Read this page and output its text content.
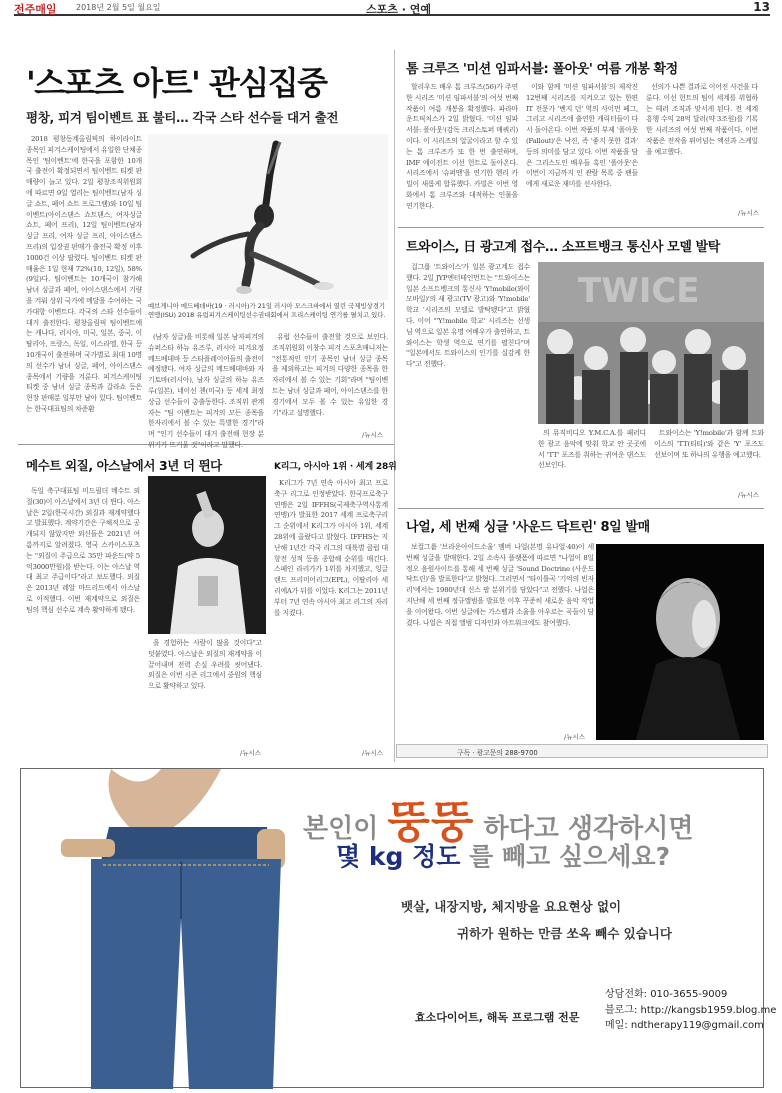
전주매일 2018년 2월 5일 월요일	스포츠 · 연예	13
'스포츠 아트' 관심집중
평창, 피겨 팀이벤트 표 불티… 각국 스타 선수들 대거 출전

2018 평창동계올림픽의 하이라이트 종목인 피겨스케이팅에서 유일한 단체종목인 '팀이벤트'에 한국을 포함한 10개국 출전이 확정되면서 팀이벤트 티켓 판매량이 늘고 있다. 2일 평창조직위원회에 따르면 9일 열리는 팀이벤트(남자 싱글 쇼트, 페어 쇼트 프로그램)와 10일 팀이벤트(아이스댄스 쇼트댄스, 여자싱글 쇼트, 페어 프리), 12일 팀이벤트(남자 싱글 프리, 여자 싱글 프리, 아이스댄스 프리)의 입장권 판매가 출전국 확정 이후 1000건 이상 팔렸다. 팀이벤트 티켓 판매율은 1일 현재 72%(10, 12일), 58%(9일)다. 팀이벤트는 10개국이 참가해 남녀 싱글과 페어, 아이스댄스에서 기량을 겨뤄 상위 국가에 메달을 수여하는 국가대항 이벤트다. 각국의 스타 선수들이 대거 출전한다. 평창올림픽 팀이벤트에는 캐나다, 러시아, 미국, 일본, 중국, 이탈리아, 프랑스, 독일, 이스라엘, 한국 등 10개국이 출전하며 국가별로 최대 10명의 선수가 남녀 싱글, 페어, 아이스댄스 종목에서 기량을 겨룬다. 피겨스케이팅 티켓 중 남녀 싱글 종목과 갈라쇼 등은 현장 판매분 일부만 남아 있다. 팀이벤트는 한국대표팀의 차준환

예브게니아 메드베데바(19 · 러시아)가 21일 러시아 모스크바에서 열린 국제빙상경기연맹(ISU) 2018 유럽피겨스케이팅선수권대회에서 프리스케이팅 연기를 펼치고 있다.

(남자 싱글)을 비롯해 일본 남자피겨의 슈퍼스타 하뉴 유즈루, 러시아 피겨요정 메드베데바 등 스타플레이어들의 출전이 예정됐다. 여자 싱글의 메드베데바와 자기토바(러시아), 남자 싱글의 하뉴 유즈루(일본), 네이선 첸(미국) 등 세계 최정상급 선수들이 총출동한다. 조직위 관계자는 "팀 이벤트는 피겨의 모든 종목을 한자리에서 볼 수 있는 특별한 경기"라며 "인기 선수들이 대거 출전해 현장 분위기가 뜨거울 것"이라고 말했다.

유럽 선수들이 출전할 것으로 보인다. 조직위원회 이창수 피겨 스포츠매니저는 "전통적인 인기 종목인 남녀 싱글 종목을 제외하고는 피겨의 다양한 종목을 한자리에서 볼 수 있는 기회"라며 "팀이벤트는 남녀 싱글과 페어, 아이스댄스를 한 경기에서 모두 볼 수 있는 유일한 경기"라고 설명했다.

/뉴시스
톰 크루즈 '미션 임파서블: 폴아웃' 여름 개봉 확정

할리우드 배우 톰 크루즈(56)가 주연한 시리즈 '미션 임파서블'의 여섯 번째 작품이 여름 개봉을 확정했다. 파라마운트픽처스가 2일 밝혔다. '미션 임파서블: 폴아웃'(감독 크리스토퍼 매쿼리)이다. 이 시리즈의 얼굴이라고 할 수 있는 톰 크루즈가 또 한 번 출연하며, IMF 에이전트 이선 헌트로 돌아온다. 시리즈에서 '슈퍼맨'을 연기한 헨리 카빌이 새롭게 합류했다. 카빌은 이번 영화에서 톰 크루즈와 대적하는 인물을 연기한다.

이와 함께 '미션 임파서블'의 제작진 12번째 시리즈를 지켜오고 있는 한편 IT 전문가 '벤지 던' 역의 사이먼 페그, 그리고 시리즈에 출연한 캐릭터들이 다시 돌아온다. 이번 작품의 부제 '폴아웃(Fallout)'은 낙진, 즉 '좋지 못한 결과' 등의 의미를 담고 있다. 이번 작품을 담은 그리스도인 배우들 흑인 '폴아웃'은 이번이 지금까지 인 관람 목록 중 팬들에게 새로운 재미를 선사한다.

선의가 나쁜 결과로 이어진 사건을 다룬다. 이선 헌트의 팀이 세계를 위협하는 테러 조직과 맞서게 된다. 전 세계 흥행 수익 28억 달러(약 3조원)를 기록한 시리즈의 여섯 번째 작품이다. 이번 작품은 전작을 뛰어넘는 액션과 스케일을 예고했다.

/뉴시스
트와이스, 日 광고계 접수… 소프트뱅크 통신사 모델 발탁

걸그룹 '트와이스'가 일본 광고계도 접수했다. 2일 JYP엔터테인먼트는 "트와이스는 일본 소프트뱅크의 통신사 'Y!mobile(와이 모바일)'의 새 광고(TV 광고)와 'Y!mobile' 학교 '시리즈의 모델로 발탁됐다"고 밝혔다. 이어 "'Y!mobile 학교' 시리즈는 선생님 역으로 일본 유명 여배우가 출연하고, 트와이스는 학생 역으로 연기를 펼친다"며 "일본에서도 트와이스의 인기를 실감케 한다"고 전했다.

TWICE

의 뮤직비디오 Y.M.C.A.를 패러디한 광고 음악에 맞춰 학교 안 곳곳에서 'TT' 포즈를 취하는 귀여운 댄스도 선보인다.

트와이스는 'Y!mobile'과 함께 트와이스의 'TT(티티)'와 같은 'Y' 포즈도 선보이며 또 하나의 유행을 예고했다.

/뉴시스
메수트 외질, 아스날에서 3년 더 뛴다

독일 축구대표팀 미드필더 메수트 외질(30)이 아스날에서 3년 더 뛴다. 아스날은 2일(한국시간) 외질과 재계약했다고 발표했다. 계약기간은 구체적으로 공개되지 않았지만 외신들은 2021년 여름까지로 알려졌다. 영국 스카이스포츠는 "외질이 주급으로 35만 파운드(약 5억3000만원)를 받는다. 이는 아스날 역대 최고 주급이다"라고 보도했다. 외질은 2013년 레알 마드리드에서 아스날로 이적했다. 이번 재계약으로 외질은 팀의 핵심 선수로 계속 활약하게 됐다.

을 경험하는 사람이 많을 것이다"고 덧붙였다. 아스날은 외질의 재계약을 이끌어내며 전력 손실 우려를 씻어냈다. 외질은 이번 시즌 리그에서 중원의 핵심으로 활약하고 있다.

/뉴시스
K리그, 아시아 1위 · 세계 28위

K리그가 7년 연속 아시아 최고 프로축구 리그로 인정받았다. 한국프로축구연맹은 2일 IFFHS(국제축구역사통계연맹)가 발표한 2017 세계 프로축구리그 순위에서 K리그가 아시아 1위, 세계 28위에 올랐다고 밝혔다. IFFHS는 지난해 1년간 각국 리그의 대륙별 클럽 대항전 성적 등을 종합해 순위를 매긴다. 스페인 라리가가 1위를 차지했고, 잉글랜드 프리미어리그(EPL), 이탈리아 세리에A가 뒤를 이었다. K리그는 2011년부터 7년 연속 아시아 최고 리그의 자리를 지켰다.

/뉴시스
나얼, 세 번째 싱글 '사운드 닥트린' 8일 발매

보컬그룹 '브라운아이드소울' 멤버 나얼(본명 유나얼·40)이 세 번째 싱글을 발매한다. 2일 소속사 플랫폼에 따르면 "나얼이 8일 정오 음원사이트를 통해 세 번째 싱글 'Sound Doctrine (사운드 닥트린)'을 발표한다"고 밝혔다. 그러면서 "타이틀곡 '기억의 빈자리'에서는 1980년대 신스 팝 분위기를 담았다"고 전했다. 나얼은 지난해 세 번째 정규앨범을 발표한 이후 꾸준히 새로운 음악 작업을 이어왔다. 이번 싱글에는 가스펠과 소울을 아우르는 곡들이 담겼다. 나얼은 직접 앨범 디자인과 아트워크에도 참여했다.

/뉴시스
구독 · 광고문의 288-9700
본인이 뚱뚱 하다고 생각하시면
몇 kg 정도 를 빼고 싶으세요?
뱃살, 내장지방, 체지방을 요요현상 없이
귀하가 원하는 만큼 쏘옥 빼수 있습니다
효소다이어트, 해독 프로그램 전문
상담전화: 010-3655-9009
블로그: http://kangsb1959.blog.me
메일: ndtherapy119@gmail.com
